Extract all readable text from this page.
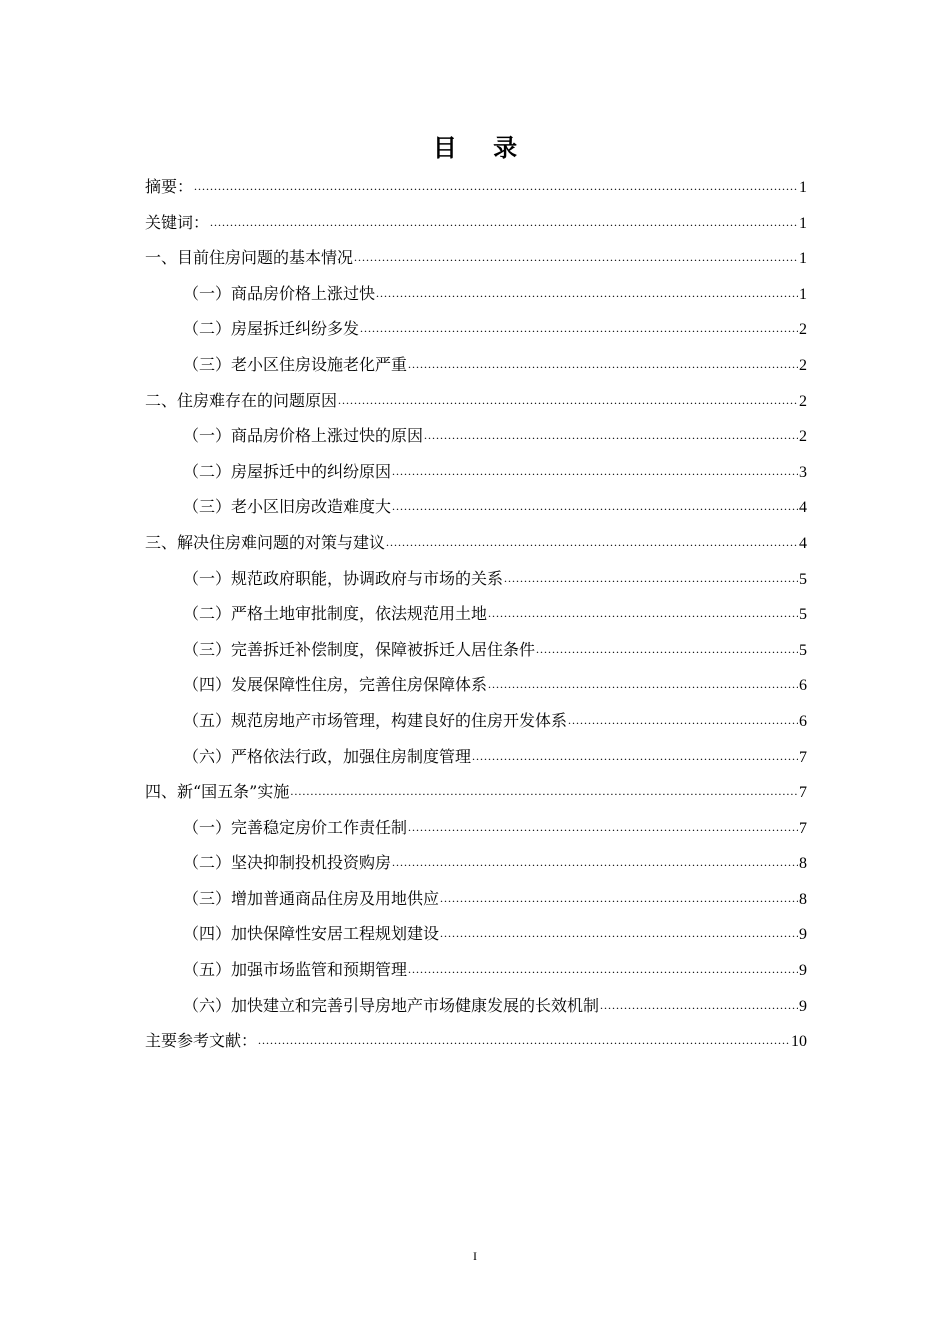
目 录
摘要： .....	1
关键词： .....	1
一、目前住房问题的基本情况 .....	1
（一）商品房价格上涨过快 .....	1
（二）房屋拆迁纠纷多发 .....	2
（三）老小区住房设施老化严重 .....	2
二、住房难存在的问题原因 .....	2
（一）商品房价格上涨过快的原因 .....	2
（二）房屋拆迁中的纠纷原因 .....	3
（三）老小区旧房改造难度大 .....	4
三、解决住房难问题的对策与建议 .....	4
（一）规范政府职能，协调政府与市场的关系 .....	5
（二）严格土地审批制度，依法规范用土地 .....	5
（三）完善拆迁补偿制度，保障被拆迁人居住条件 .....	5
（四）发展保障性住房，完善住房保障体系 .....	6
（五）规范房地产市场管理，构建良好的住房开发体系 .....	6
（六）严格依法行政，加强住房制度管理 .....	7
四、新“国五条”实施 .....	7
（一）完善稳定房价工作责任制 .....	7
（二）坚决抑制投机投资购房 .....	8
（三）增加普通商品住房及用地供应 .....	8
（四）加快保障性安居工程规划建设 .....	9
（五）加强市场监管和预期管理 .....	9
（六）加快建立和完善引导房地产市场健康发展的长效机制 .....	9
主要参考文献： .....	10
I
